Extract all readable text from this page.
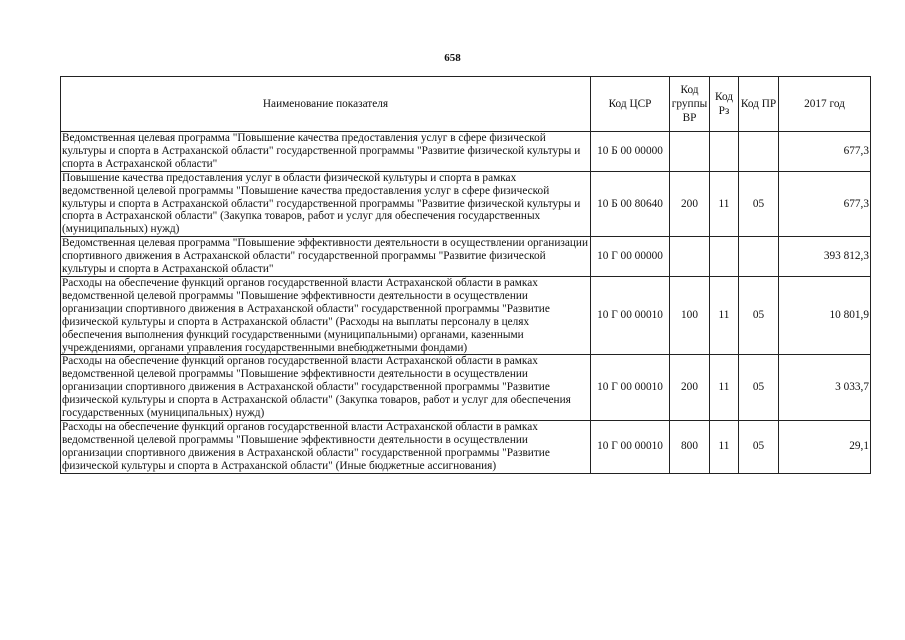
658
Наименование показателя	Код ЦСР	Код группы ВР	Код Рз	Код ПР	2017 год
Ведомственная целевая программа "Повышение качества предоставления услуг в сфере физической культуры и спорта в Астраханской области" государственной программы "Развитие физической культуры и спорта в Астраханской области"	10 Б 00 00000				677,3
Повышение качества предоставления услуг в области физической культуры и спорта в рамках ведомственной целевой программы "Повышение качества предоставления услуг в сфере физической культуры и спорта в Астраханской области" государственной программы "Развитие физической культуры и спорта в Астраханской области" (Закупка товаров, работ и услуг для обеспечения государственных (муниципальных) нужд)	10 Б 00 80640	200	11	05	677,3
Ведомственная целевая программа "Повышение эффективности деятельности в осуществлении организации спортивного движения в Астраханской области" государственной программы "Развитие физической культуры и спорта в Астраханской области"	10 Г 00 00000				393 812,3
Расходы на обеспечение функций органов государственной власти Астраханской области в рамках ведомственной целевой программы "Повышение эффективности деятельности в осуществлении организации спортивного движения в Астраханской области" государственной программы "Развитие физической культуры и спорта в Астраханской области" (Расходы на выплаты персоналу в целях обеспечения выполнения функций государственными (муниципальными) органами, казенными учреждениями, органами управления государственными внебюджетными фондами)	10 Г 00 00010	100	11	05	10 801,9
Расходы на обеспечение функций органов государственной власти Астраханской области в рамках ведомственной целевой программы "Повышение эффективности деятельности в осуществлении организации спортивного движения в Астраханской области" государственной программы "Развитие физической культуры и спорта в Астраханской области" (Закупка товаров, работ и услуг для обеспечения государственных (муниципальных) нужд)	10 Г 00 00010	200	11	05	3 033,7
Расходы на обеспечение функций органов государственной власти Астраханской области в рамках ведомственной целевой программы "Повышение эффективности деятельности в осуществлении организации спортивного движения в Астраханской области" государственной программы "Развитие физической культуры и спорта в Астраханской области" (Иные бюджетные ассигнования)	10 Г 00 00010	800	11	05	29,1
